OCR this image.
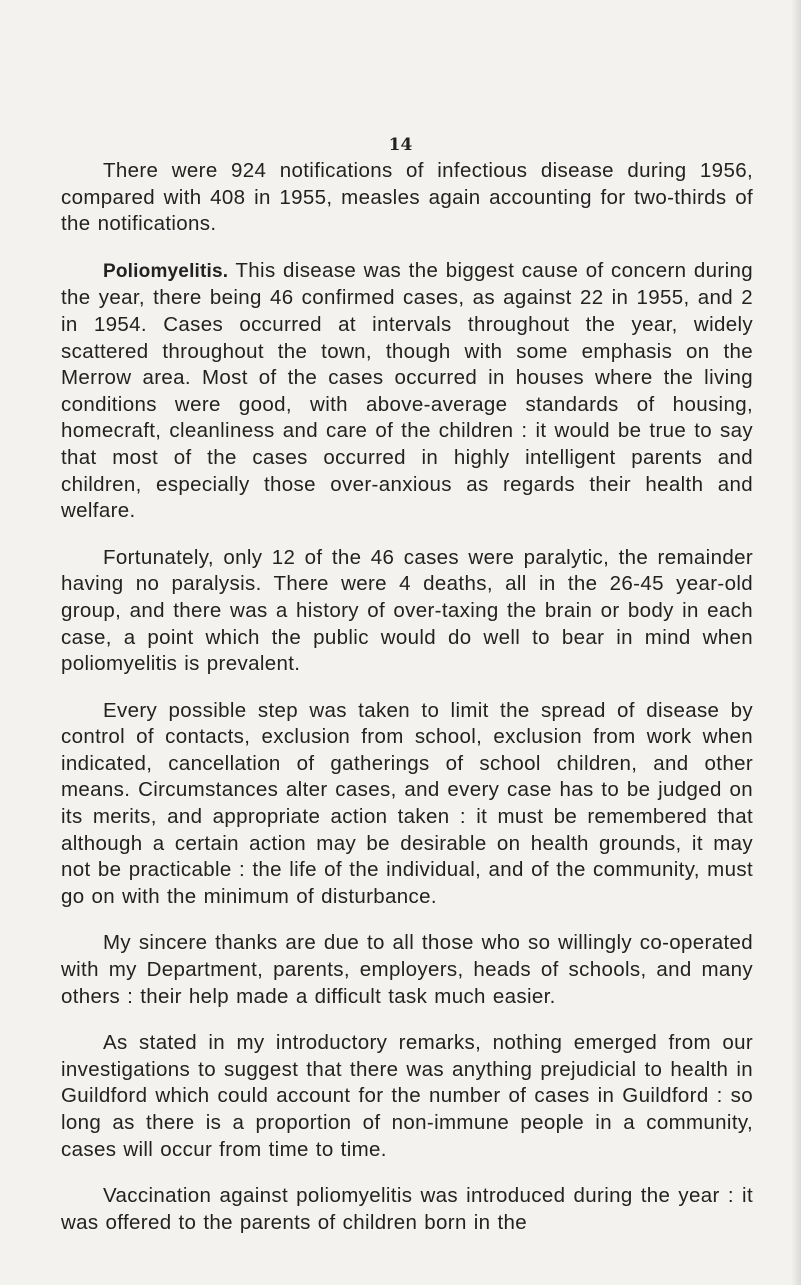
14

There were 924 notifications of infectious disease during 1956, compared with 408 in 1955, measles again accounting for two-thirds of the notifications.

Poliomyelitis. This disease was the biggest cause of concern during the year, there being 46 confirmed cases, as against 22 in 1955, and 2 in 1954. Cases occurred at intervals throughout the year, widely scattered throughout the town, though with some emphasis on the Merrow area. Most of the cases occurred in houses where the living conditions were good, with above-average standards of housing, homecraft, cleanliness and care of the children : it would be true to say that most of the cases occurred in highly intelligent parents and children, especially those over-anxious as regards their health and welfare.

Fortunately, only 12 of the 46 cases were paralytic, the remainder having no paralysis. There were 4 deaths, all in the 26-45 year-old group, and there was a history of over-taxing the brain or body in each case, a point which the public would do well to bear in mind when poliomyelitis is prevalent.

Every possible step was taken to limit the spread of disease by control of contacts, exclusion from school, exclusion from work when indicated, cancellation of gatherings of school children, and other means. Circumstances alter cases, and every case has to be judged on its merits, and appropriate action taken : it must be remembered that although a certain action may be desirable on health grounds, it may not be practicable : the life of the individual, and of the community, must go on with the minimum of disturbance.

My sincere thanks are due to all those who so willingly co-operated with my Department, parents, employers, heads of schools, and many others : their help made a difficult task much easier.

As stated in my introductory remarks, nothing emerged from our investigations to suggest that there was anything prejudicial to health in Guildford which could account for the number of cases in Guildford : so long as there is a proportion of non-immune people in a community, cases will occur from time to time.

Vaccination against poliomyelitis was introduced during the year : it was offered to the parents of children born in the
